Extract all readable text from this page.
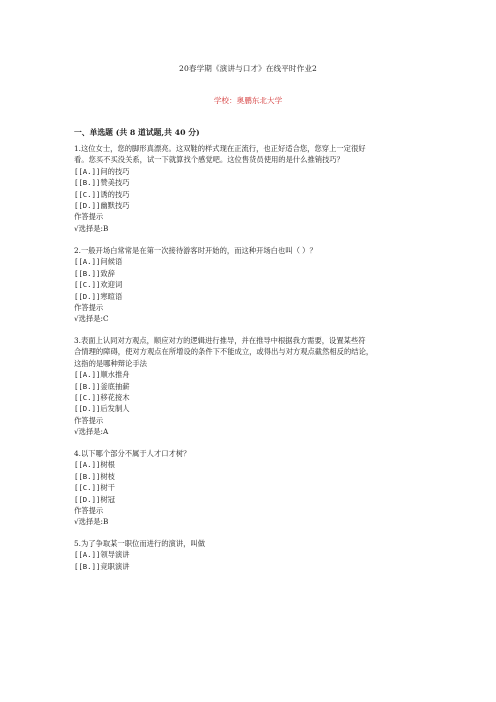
20春学期《演讲与口才》在线平时作业2
学校：奥鹏东北大学
一、单选题 (共 8 道试题,共 40 分)
1.这位女士，您的脚形真漂亮。这双鞋的样式现在正流行，也正好适合您，您穿上一定很好
看。您买不买没关系，试一下就算找个感觉吧。这位售货员使用的是什么推销技巧？
[[A.]]问的技巧
[[B.]]赞美技巧
[[C.]]诱的技巧
[[D.]]幽默技巧
作答提示
√选择是:B
2.一般开场白常常是在第一次接待游客时开始的，而这种开场白也叫（ ）？
[[A.]]问候语
[[B.]]致辞
[[C.]]欢迎词
[[D.]]寒暄语
作答提示
√选择是:C
3.表面上认同对方观点，顺应对方的逻辑进行推导，并在推导中根据我方需要，设置某些符
合情理的障碍，使对方观点在所增设的条件下不能成立，或得出与对方观点截然相反的结论，
这指的是哪种辩论手法
[[A.]]顺水推舟
[[B.]]釜底抽薪
[[C.]]移花接木
[[D.]]后发制人
作答提示
√选择是:A
4.以下哪个部分不属于人才口才树？
[[A.]]树根
[[B.]]树枝
[[C.]]树干
[[D.]]树冠
作答提示
√选择是:B
5.为了争取某一职位而进行的演讲，叫做
[[A.]]领导演讲
[[B.]]竞职演讲
